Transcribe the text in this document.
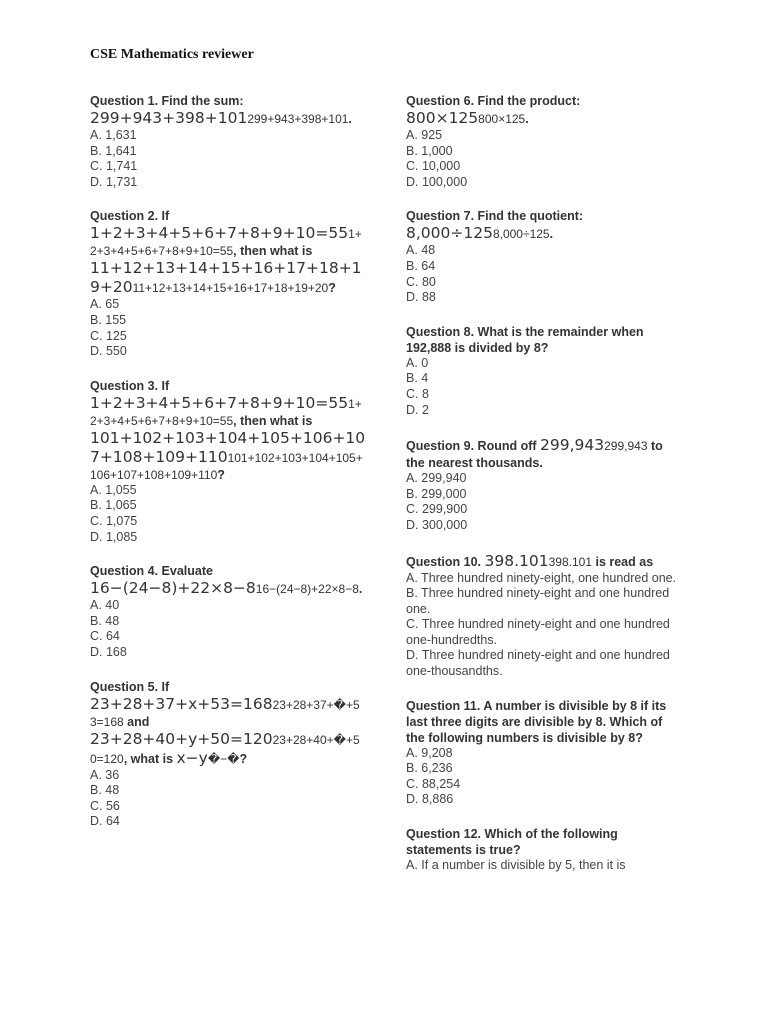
CSE Mathematics reviewer
Question 1. Find the sum: 299+943+398+101299+943+398+101.
A. 1,631
B. 1,641
C. 1,741
D. 1,731
Question 2. If 1+2+3+4+5+6+7+8+9+10=551+2+3+4+5+6+7+8+9+10=55, then what is 11+12+13+14+15+16+17+18+19+2011+12+13+14+15+16+17+18+19+20?
A. 65
B. 155
C. 125
D. 550
Question 3. If 1+2+3+4+5+6+7+8+9+10=551+2+3+4+5+6+7+8+9+10=55, then what is 101+102+103+104+105+106+107+108+109+110101+102+103+104+105+106+107+108+109+110?
A. 1,055
B. 1,065
C. 1,075
D. 1,085
Question 4. Evaluate 16−(24−8)+22×8−816−(24−8)+22×8−8.
A. 40
B. 48
C. 64
D. 168
Question 5. If 23+28+37+x+53=16823+28+37+�+53=168 and 23+28+40+y+50=12023+28+40+�+50=120, what is x−y�−�?
A. 36
B. 48
C. 56
D. 64
Question 6. Find the product: 800×125800×125.
A. 925
B. 1,000
C. 10,000
D. 100,000
Question 7. Find the quotient: 8,000÷1258,000÷125.
A. 48
B. 64
C. 80
D. 88
Question 8. What is the remainder when 192,888 is divided by 8?
A. 0
B. 4
C. 8
D. 2
Question 9. Round off 299,943299,943 to the nearest thousands.
A. 299,940
B. 299,000
C. 299,900
D. 300,000
Question 10. 398.101398.101 is read as
A. Three hundred ninety-eight, one hundred one.
B. Three hundred ninety-eight and one hundred one.
C. Three hundred ninety-eight and one hundred one-hundredths.
D. Three hundred ninety-eight and one hundred one-thousandths.
Question 11. A number is divisible by 8 if its last three digits are divisible by 8. Which of the following numbers is divisible by 8?
A. 9,208
B. 6,236
C. 88,254
D. 8,886
Question 12. Which of the following statements is true?
A. If a number is divisible by 5, then it is
